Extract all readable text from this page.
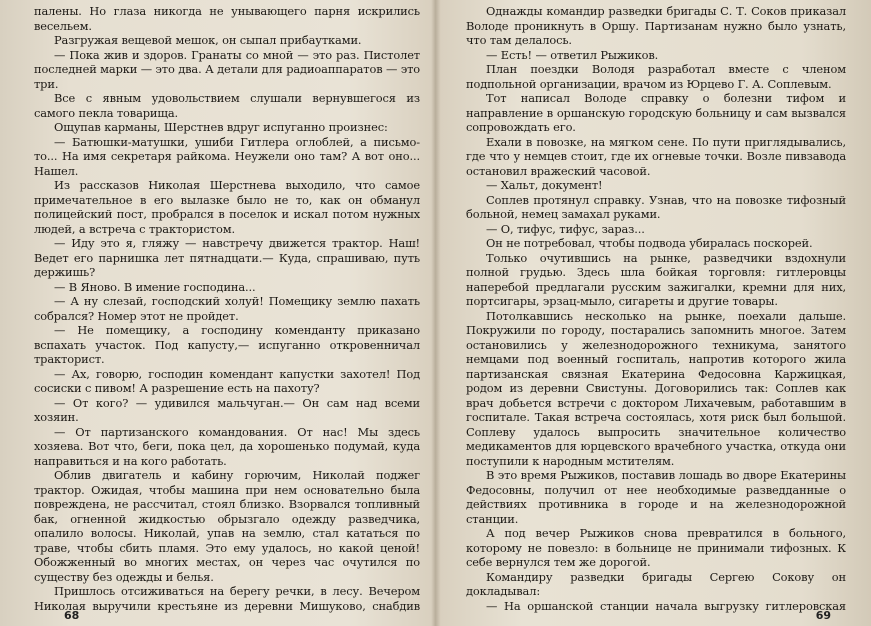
палены. Но глаза никогда не унывающего парня искрились весельем.

Разгружая вещевой мешок, он сыпал прибаутками.

— Пока жив и здоров. Гранаты со мной — это раз. Пистолет последней марки — это два. А детали для радиоаппаратов — это три.

Все с явным удовольствием слушали вернувшегося из самого пекла товарища.

Ощупав карманы, Шерстнев вдруг испуганно произнес:

— Батюшки-матушки, ушиби Гитлера оглоблей, а письмо-то... На имя секретаря райкома. Неужели оно там? А вот оно... Нашел.

Из рассказов Николая Шерстнева выходило, что самое примечательное в его вылазке было не то, как он обманул полицейский пост, пробрался в поселок и искал потом нужных людей, а встреча с трактористом.

— Иду это я, гляжу — навстречу движется трактор. Наш! Ведет его парнишка лет пятнадцати.— Куда, спрашиваю, путь держишь?

— В Яново. В имение господина...

— А ну слезай, господский холуй! Помещику землю пахать собрался? Номер этот не пройдет.

— Не помещику, а господину коменданту приказано вспахать участок. Под капусту,— испуганно откровенничал тракторист.

— Ах, говорю, господин комендант капустки захотел! Под сосиски с пивом! А разрешение есть на пахоту?

— От кого? — удивился мальчуган.— Он сам над всеми хозяин.

— От партизанского командования. От нас! Мы здесь хозяева. Вот что, беги, пока цел, да хорошенько подумай, куда направиться и на кого работать.

Облив двигатель и кабину горючим, Николай поджег трактор. Ожидая, чтобы машина при нем основательно была повреждена, не рассчитал, стоял близко. Взорвался топливный бак, огненной жидкостью обрызгало одежду разведчика, опалило волосы. Николай, упав на землю, стал кататься по траве, чтобы сбить пламя. Это ему удалось, но какой ценой! Обожженный во многих местах, он через час очутился по существу без одежды и белья.

Пришлось отсиживаться на берегу речки, в лесу. Вечером Николая выручили крестьяне из деревни Мишуково, снабдив

Однажды командир разведки бригады С. Т. Соков приказал Володе проникнуть в Оршу. Партизанам нужно было узнать, что там делалось.

— Есть! — ответил Рыжиков.

План поездки Володя разработал вместе с членом подпольной организации, врачом из Юрцево Г. А. Соплевым.

Тот написал Володе справку о болезни тифом и направление в оршанскую городскую больницу и сам вызвался сопровождать его.

Ехали в повозке, на мягком сене. По пути приглядывались, где что у немцев стоит, где их огневые точки. Возле пивзавода остановил вражеский часовой.

— Хальт, документ!

Соплев протянул справку. Узнав, что на повозке тифозный больной, немец замахал руками.

— О, тифус, тифус, зараз...

Он не потребовал, чтобы подвода убиралась поскорей.

Только очутившись на рынке, разведчики вздохнули полной грудью. Здесь шла бойкая торговля: гитлеровцы наперебой предлагали русским зажигалки, кремни для них, портсигары, эрзац-мыло, сигареты и другие товары.

Потолкавшись несколько на рынке, поехали дальше. Покружили по городу, постарались запомнить многое. Затем остановились у железнодорожного техникума, занятого немцами под военный госпиталь, напротив которого жила партизанская связная Екатерина Федосовна Каржицкая, родом из деревни Свистуны. Договорились так: Соплев как врач добьется встречи с доктором Лихачевым, работавшим в госпитале. Такая встреча состоялась, хотя риск был большой. Соплеву удалось выпросить значительное количество медикаментов для юрцевского врачебного участка, откуда они поступили к народным мстителям.

В это время Рыжиков, поставив лошадь во дворе Екатерины Федосовны, получил от нее необходимые разведданные о действиях противника в городе и на железнодорожной станции.

А под вечер Рыжиков снова превратился в больного, которому не повезло: в больнице не принимали тифозных. К себе вернулся тем же дорогой.

Командиру разведки бригады Сергею Сокову он докладывал:

— На оршанской станции начала выгрузку гитлеровская

68	69
